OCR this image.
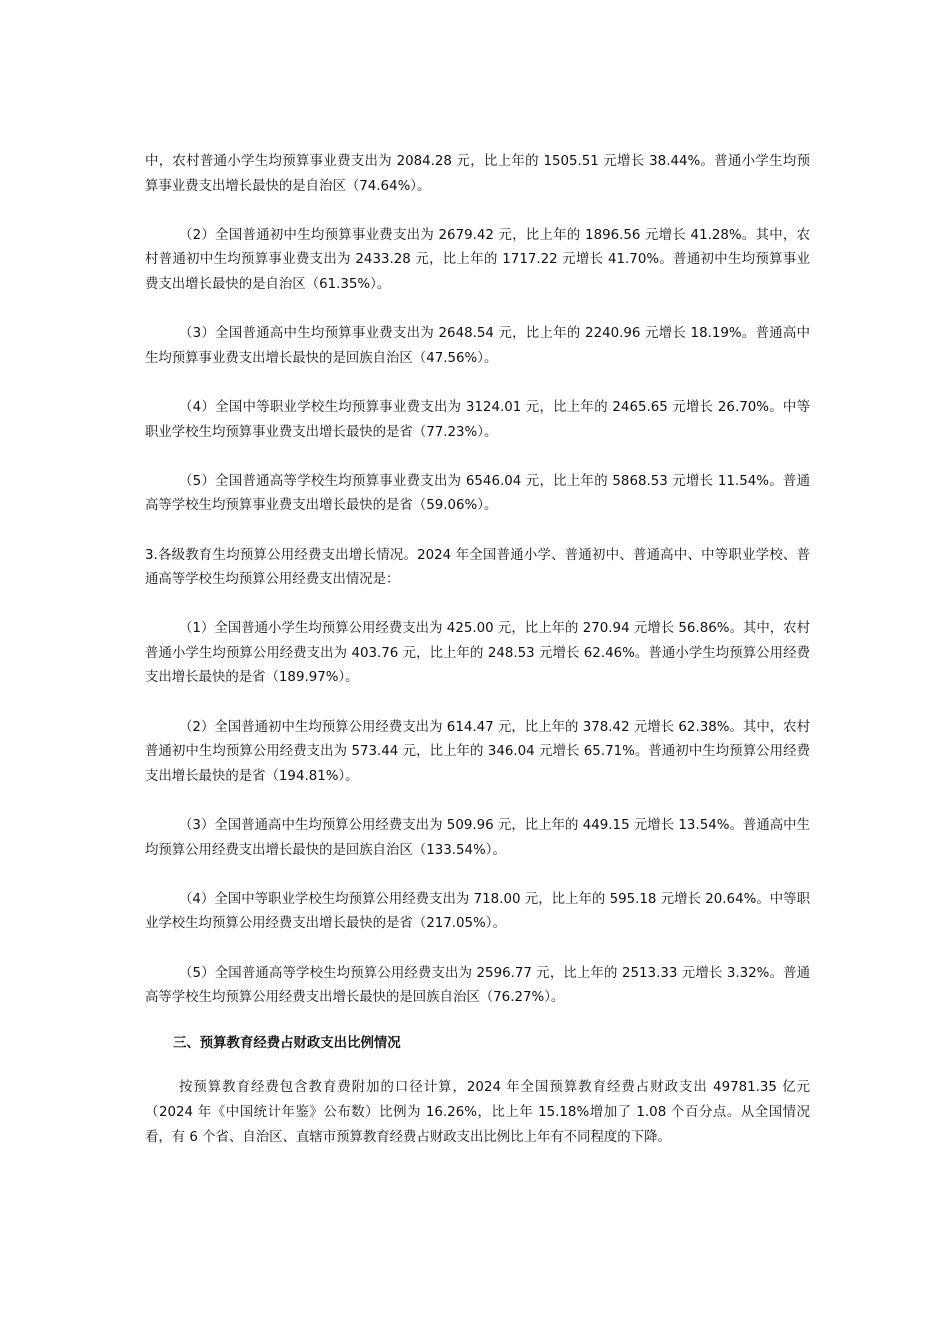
中，农村普通小学生均预算事业费支出为 2084.28 元，比上年的 1505.51 元增长 38.44%。普通小学生均预算事业费支出增长最快的是自治区（74.64%）。

（2）全国普通初中生均预算事业费支出为 2679.42 元，比上年的 1896.56 元增长 41.28%。其中，农村普通初中生均预算事业费支出为 2433.28 元，比上年的 1717.22 元增长 41.70%。普通初中生均预算事业费支出增长最快的是自治区（61.35%）。

（3）全国普通高中生均预算事业费支出为 2648.54 元，比上年的 2240.96 元增长 18.19%。普通高中生均预算事业费支出增长最快的是回族自治区（47.56%）。

（4）全国中等职业学校生均预算事业费支出为 3124.01 元，比上年的 2465.65 元增长 26.70%。中等职业学校生均预算事业费支出增长最快的是省（77.23%）。

（5）全国普通高等学校生均预算事业费支出为 6546.04 元，比上年的 5868.53 元增长 11.54%。普通高等学校生均预算事业费支出增长最快的是省（59.06%）。

3.各级教育生均预算公用经费支出增长情况。2024 年全国普通小学、普通初中、普通高中、中等职业学校、普通高等学校生均预算公用经费支出情况是：

（1）全国普通小学生均预算公用经费支出为 425.00 元，比上年的 270.94 元增长 56.86%。其中，农村普通小学生均预算公用经费支出为 403.76 元，比上年的 248.53 元增长 62.46%。普通小学生均预算公用经费支出增长最快的是省（189.97%）。

（2）全国普通初中生均预算公用经费支出为 614.47 元，比上年的 378.42 元增长 62.38%。其中，农村普通初中生均预算公用经费支出为 573.44 元，比上年的 346.04 元增长 65.71%。普通初中生均预算公用经费支出增长最快的是省（194.81%）。

（3）全国普通高中生均预算公用经费支出为 509.96 元，比上年的 449.15 元增长 13.54%。普通高中生均预算公用经费支出增长最快的是回族自治区（133.54%）。

（4）全国中等职业学校生均预算公用经费支出为 718.00 元，比上年的 595.18 元增长 20.64%。中等职业学校生均预算公用经费支出增长最快的是省（217.05%）。

（5）全国普通高等学校生均预算公用经费支出为 2596.77 元，比上年的 2513.33 元增长 3.32%。普通高等学校生均预算公用经费支出增长最快的是回族自治区（76.27%）。

三、预算教育经费占财政支出比例情况

按预算教育经费包含教育费附加的口径计算，2024 年全国预算教育经费占财政支出 49781.35 亿元（2024 年《中国统计年鉴》公布数）比例为 16.26%，比上年 15.18%增加了 1.08 个百分点。从全国情况看，有 6 个省、自治区、直辖市预算教育经费占财政支出比例比上年有不同程度的下降。
